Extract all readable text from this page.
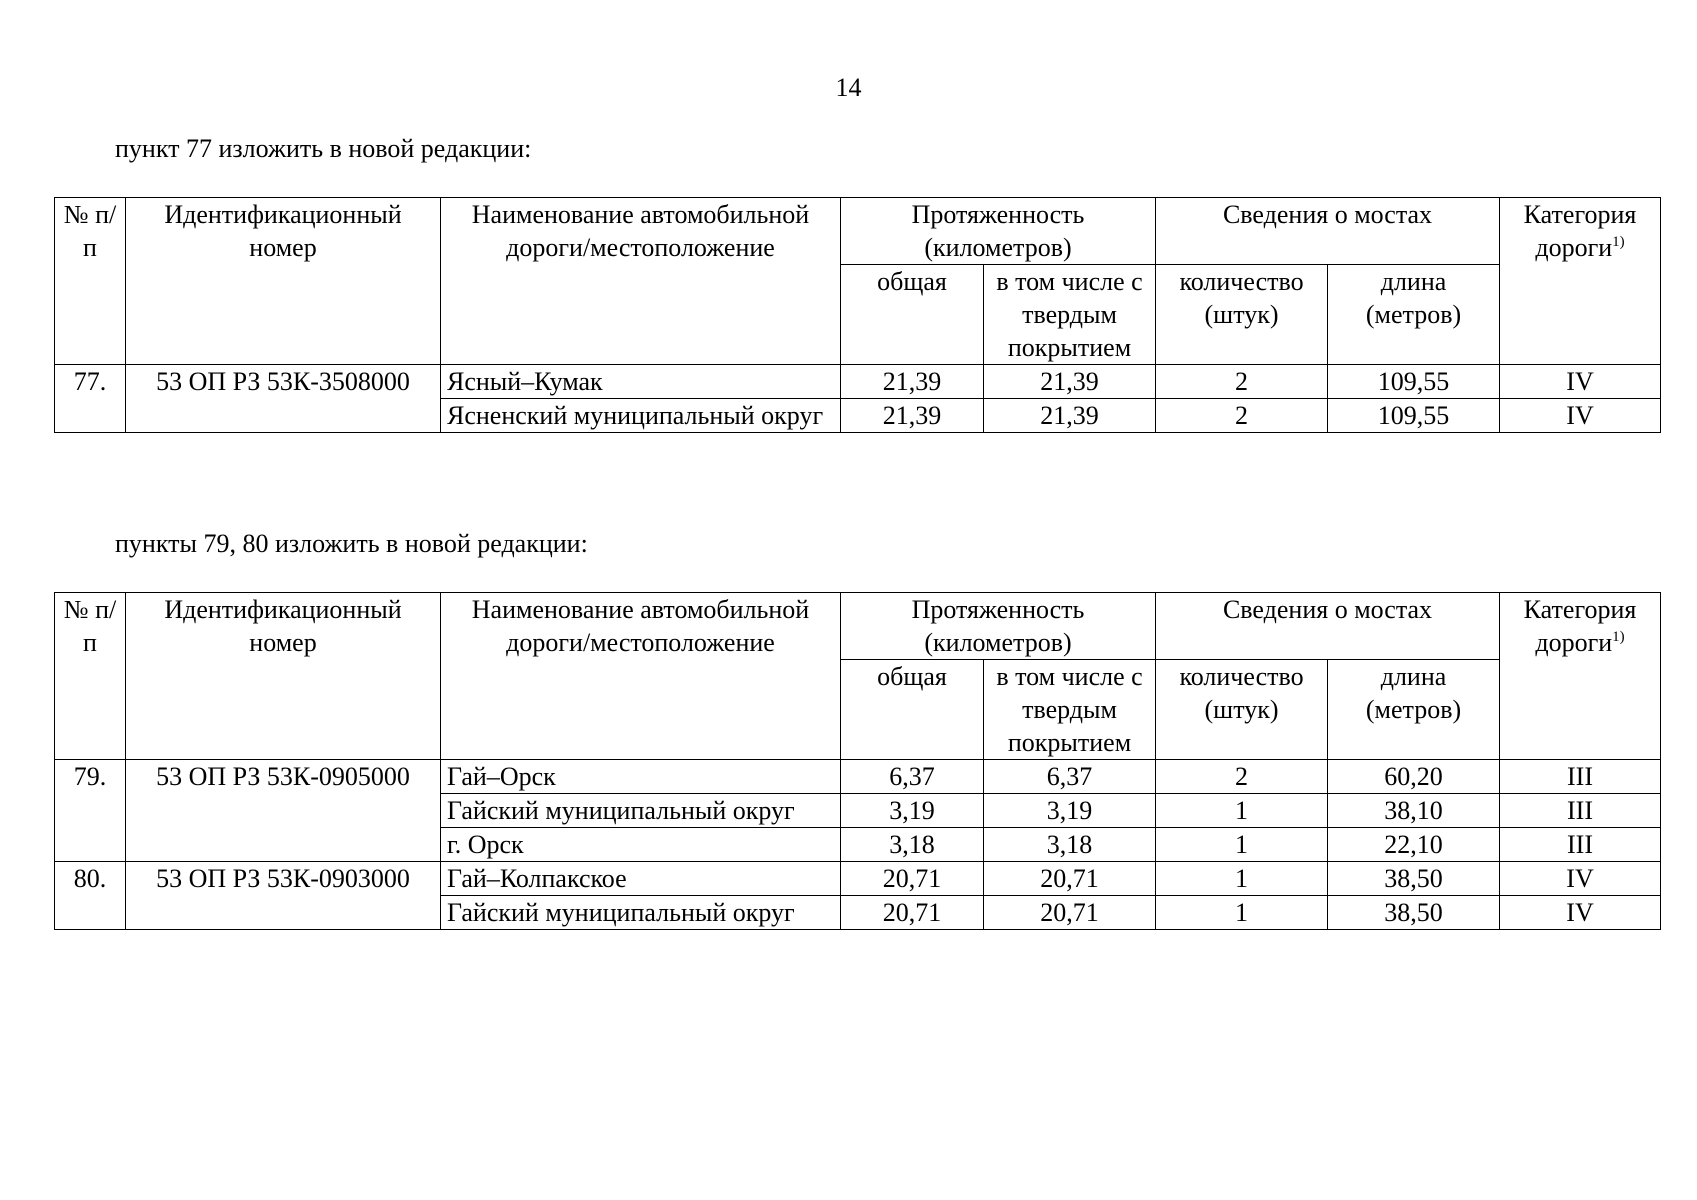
14
пункт 77 изложить в новой редакции:
№ п/п	Идентификационный номер	Наименование автомобильной дороги/местоположение	Протяженность (километров)		Сведения о мостах		Категория дороги$^{1)}$
			общая	в том числе с твердым покрытием	количество (штук)	длина (метров)	
77.	53 ОП РЗ 53К-3508000	Ясный–Кумак	21,39	21,39	2	109,55	IV
		Ясненский муниципальный округ	21,39	21,39	2	109,55	IV
пункты 79, 80 изложить в новой редакции:
№ п/п	Идентификационный номер	Наименование автомобильной дороги/местоположение	Протяженность (километров)		Сведения о мостах		Категория дороги$^{1)}$
			общая	в том числе с твердым покрытием	количество (штук)	длина (метров)	
79.	53 ОП РЗ 53К-0905000	Гай–Орск	6,37	6,37	2	60,20	III
		Гайский муниципальный округ	3,19	3,19	1	38,10	III
		г. Орск	3,18	3,18	1	22,10	III
80.	53 ОП РЗ 53К-0903000	Гай–Колпакское	20,71	20,71	1	38,50	IV
		Гайский муниципальный округ	20,71	20,71	1	38,50	IV
